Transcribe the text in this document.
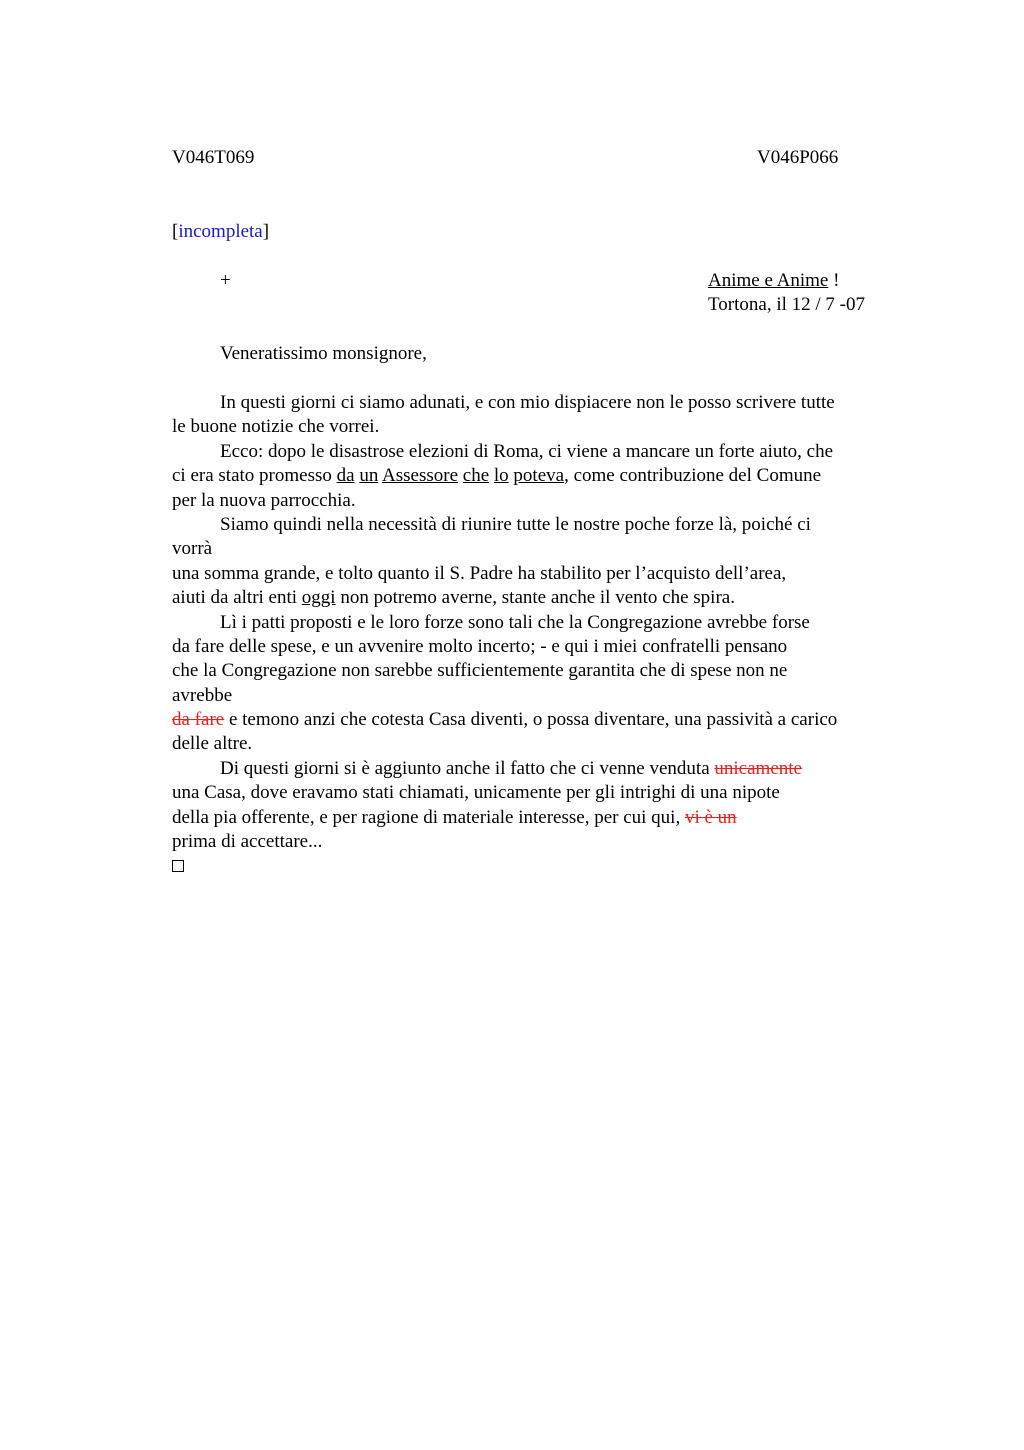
V046T069	V046P066
[incompleta]
+	Anime e Anime !
Tortona, il 12 / 7 -07
Veneratissimo monsignore,
In questi giorni ci siamo adunati, e con mio dispiacere non le posso scrivere tutte
le buone notizie che vorrei.
Ecco: dopo le disastrose elezioni di Roma, ci viene a mancare un forte aiuto, che
ci era stato promesso da un Assessore che lo poteva, come contribuzione del Comune
per la nuova parrocchia.
Siamo quindi nella necessità di riunire tutte le nostre poche forze là, poiché ci
vorrà
una somma grande, e tolto quanto il S. Padre ha stabilito per l’acquisto dell’area,
aiuti da altri enti oggi non potremo averne, stante anche il vento che spira.
Lì i patti proposti e le loro forze sono tali che la Congregazione avrebbe forse
da fare delle spese, e un avvenire molto incerto; - e qui i miei confratelli pensano
che la Congregazione non sarebbe sufficientemente garantita che di spese non ne
avrebbe
da fare e temono anzi che cotesta Casa diventi, o possa diventare, una passività a carico
delle altre.
Di questi giorni si è aggiunto anche il fatto che ci venne venduta unicamente
una Casa, dove eravamo stati chiamati, unicamente per gli intrighi di una nipote
della pia offerente, e per ragione di materiale interesse, per cui qui, vi è un
prima di accettare...
